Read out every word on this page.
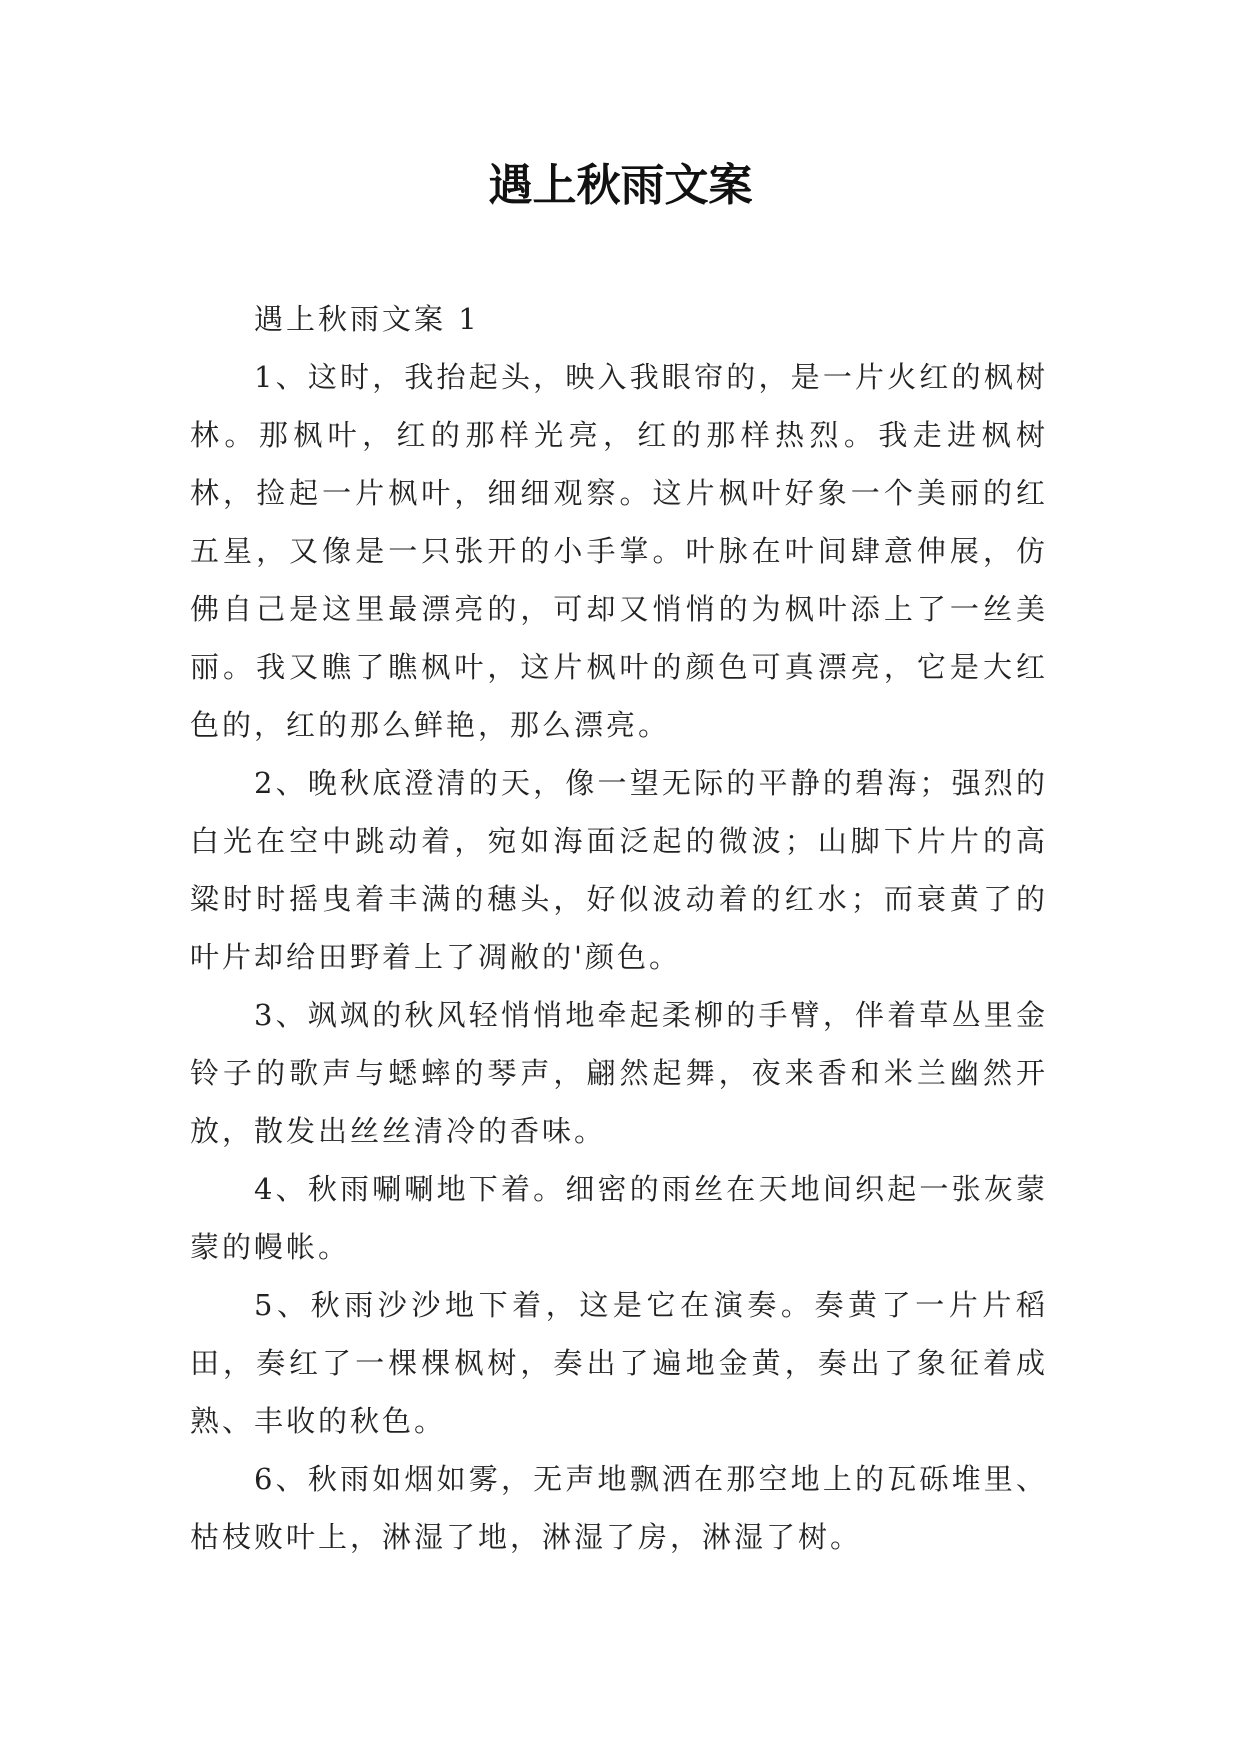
遇上秋雨文案
遇上秋雨文案 1

1、这时，我抬起头，映入我眼帘的，是一片火红的枫树林。那枫叶，红的那样光亮，红的那样热烈。我走进枫树林，捡起一片枫叶，细细观察。这片枫叶好象一个美丽的红五星，又像是一只张开的小手掌。叶脉在叶间肆意伸展，仿佛自己是这里最漂亮的，可却又悄悄的为枫叶添上了一丝美丽。我又瞧了瞧枫叶，这片枫叶的颜色可真漂亮，它是大红色的，红的那么鲜艳，那么漂亮。

2、晚秋底澄清的天，像一望无际的平静的碧海；强烈的白光在空中跳动着，宛如海面泛起的微波；山脚下片片的高粱时时摇曳着丰满的穗头，好似波动着的红水；而衰黄了的叶片却给田野着上了凋敝的'颜色。

3、飒飒的秋风轻悄悄地牵起柔柳的手臂，伴着草丛里金铃子的歌声与蟋蟀的琴声，翩然起舞，夜来香和米兰幽然开放，散发出丝丝清冷的香味。

4、秋雨唰唰地下着。细密的雨丝在天地间织起一张灰蒙蒙的幔帐。

5、秋雨沙沙地下着，这是它在演奏。奏黄了一片片稻田，奏红了一棵棵枫树，奏出了遍地金黄，奏出了象征着成熟、丰收的秋色。

6、秋雨如烟如雾，无声地飘洒在那空地上的瓦砾堆里、枯枝败叶上，淋湿了地，淋湿了房，淋湿了树。
